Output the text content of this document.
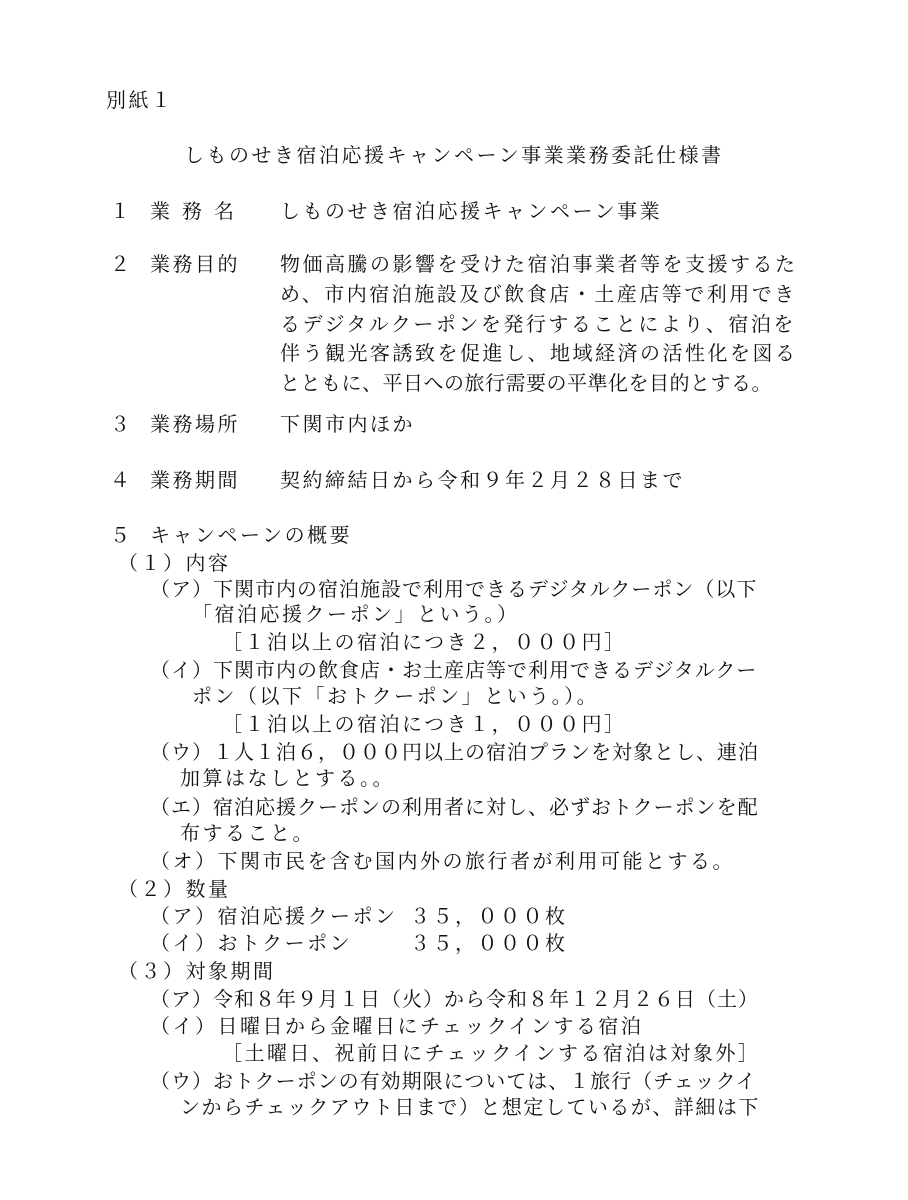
別紙１
しものせき宿泊応援キャンペーン事業業務委託仕様書
１ 業務名 しものせき宿泊応援キャンペーン事業
２ 業務目的 物価高騰の影響を受けた宿泊事業者等を支援するた
め、市内宿泊施設及び飲食店・土産店等で利用でき
るデジタルクーポンを発行することにより、宿泊を
伴う観光客誘致を促進し、地域経済の活性化を図る
とともに、平日への旅行需要の平準化を目的とする。
３ 業務場所 下関市内ほか
４ 業務期間 契約締結日から令和９年２月２８日まで
５ キャンペーンの概要
（１）内容
（ア）下関市内の宿泊施設で利用できるデジタルクーポン（以下
「宿泊応援クーポン」という。）
［１泊以上の宿泊につき２，０００円］
（イ）下関市内の飲食店・お土産店等で利用できるデジタルクー
ポン（以下「おトクーポン」という。）。
［１泊以上の宿泊につき１，０００円］
（ウ）１人１泊６，０００円以上の宿泊プランを対象とし、連泊
加算はなしとする。。
（エ）宿泊応援クーポンの利用者に対し、必ずおトクーポンを配
布すること。
（オ）下関市民を含む国内外の旅行者が利用可能とする。
（２）数量
（ア）宿泊応援クーポン ３５，０００枚
（イ）おトクーポン	３５，０００枚
（３）対象期間
（ア）令和８年９月１日（火）から令和８年１２月２６日（土）
（イ）日曜日から金曜日にチェックインする宿泊
［土曜日、祝前日にチェックインする宿泊は対象外］
（ウ）おトクーポンの有効期限については、１旅行（チェックイ
ンからチェックアウト日まで）と想定しているが、詳細は下
